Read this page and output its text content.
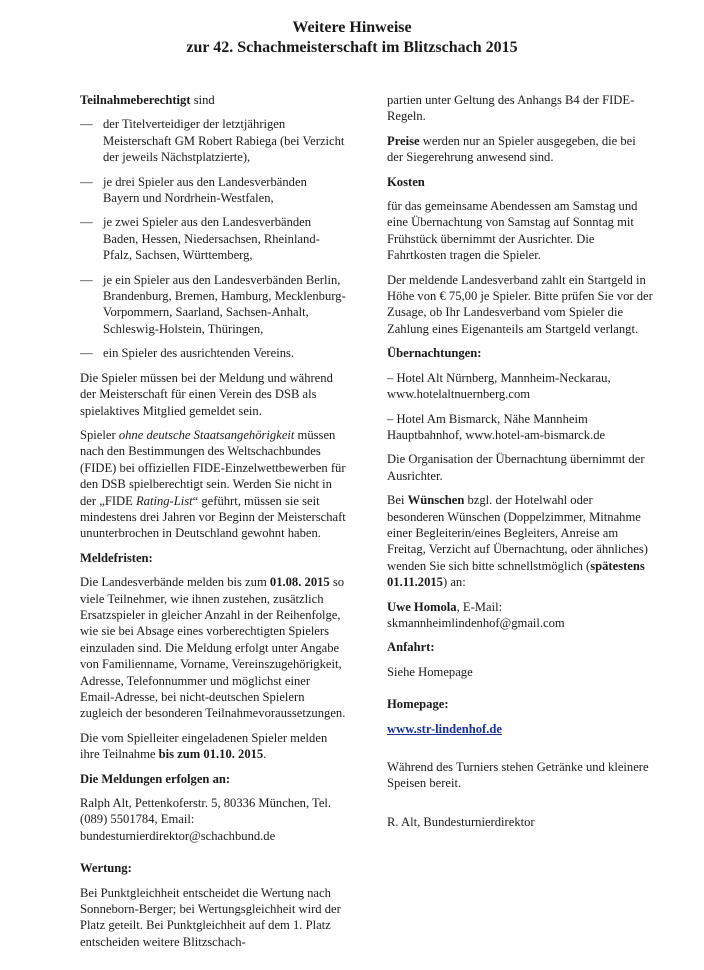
Weitere Hinweise
zur 42. Schachmeisterschaft im Blitzschach 2015

Teilnahmeberechtigt sind

— der Titelverteidiger der letztjährigen Meisterschaft GM Robert Rabiega (bei Verzicht der jeweils Nächstplatzierte),
— je drei Spieler aus den Landesverbänden Bayern und Nordrhein-Westfalen,
— je zwei Spieler aus den Landesverbänden Baden, Hessen, Niedersachsen, Rheinland-Pfalz, Sachsen, Württemberg,
— je ein Spieler aus den Landesverbänden Berlin, Brandenburg, Bremen, Hamburg, Mecklenburg-Vorpommern, Saarland, Sachsen-Anhalt, Schleswig-Holstein, Thüringen,
— ein Spieler des ausrichtenden Vereins.

Die Spieler müssen bei der Meldung und während der Meisterschaft für einen Verein des DSB als spielaktives Mitglied gemeldet sein.

Spieler ohne deutsche Staatsangehörigkeit müssen nach den Bestimmungen des Weltschachbundes (FIDE) bei offiziellen FIDE-Einzelwettbewerben für den DSB spielberechtigt sein. Werden Sie nicht in der „FIDE Rating-List“ geführt, müssen sie seit mindestens drei Jahren vor Beginn der Meisterschaft ununterbrochen in Deutschland gewohnt haben.

Meldefristen:

Die Landesverbände melden bis zum 01.08. 2015 so viele Teilnehmer, wie ihnen zustehen, zusätzlich Ersatzspieler in gleicher Anzahl in der Reihenfolge, wie sie bei Absage eines vorberechtigten Spielers einzuladen sind. Die Meldung erfolgt unter Angabe von Familienname, Vorname, Vereinszugehörigkeit, Adresse, Telefonnummer und möglichst einer Email-Adresse, bei nicht-deutschen Spielern zugleich der besonderen Teilnahmevoraussetzungen.

Die vom Spielleiter eingeladenen Spieler melden ihre Teilnahme bis zum 01.10. 2015.

Die Meldungen erfolgen an:

Ralph Alt, Pettenkoferstr. 5, 80336 München, Tel. (089) 5501784, Email: bundesturnierdirektor@schachbund.de

Wertung:

Bei Punktgleichheit entscheidet die Wertung nach Sonneborn-Berger; bei Wertungsgleichheit wird der Platz geteilt. Bei Punktgleichheit auf dem 1. Platz entscheiden weitere Blitzschach-

partien unter Geltung des Anhangs B4 der FIDE-Regeln.

Preise werden nur an Spieler ausgegeben, die bei der Siegerehrung anwesend sind.

Kosten

für das gemeinsame Abendessen am Samstag und eine Übernachtung von Samstag auf Sonntag mit Frühstück übernimmt der Ausrichter. Die Fahrtkosten tragen die Spieler.

Der meldende Landesverband zahlt ein Startgeld in Höhe von € 75,00 je Spieler. Bitte prüfen Sie vor der Zusage, ob Ihr Landesverband vom Spieler die Zahlung eines Eigenanteils am Startgeld verlangt.

Übernachtungen:

– Hotel Alt Nürnberg, Mannheim-Neckarau, www.hotelaltnuernberg.com

– Hotel Am Bismarck, Nähe Mannheim Hauptbahnhof, www.hotel-am-bismarck.de

Die Organisation der Übernachtung übernimmt der Ausrichter.

Bei Wünschen bzgl. der Hotelwahl oder besonderen Wünschen (Doppelzimmer, Mitnahme einer Begleiterin/eines Begleiters, Anreise am Freitag, Verzicht auf Übernachtung, oder ähnliches) wenden Sie sich bitte schnellstmöglich (spätestens 01.11.2015) an:

Uwe Homola, E-Mail:
skmannheimlindenhof@gmail.com

Anfahrt:

Siehe Homepage

Homepage:

www.str-lindenhof.de

Während des Turniers stehen Getränke und kleinere Speisen bereit.

R. Alt, Bundesturnierdirektor
